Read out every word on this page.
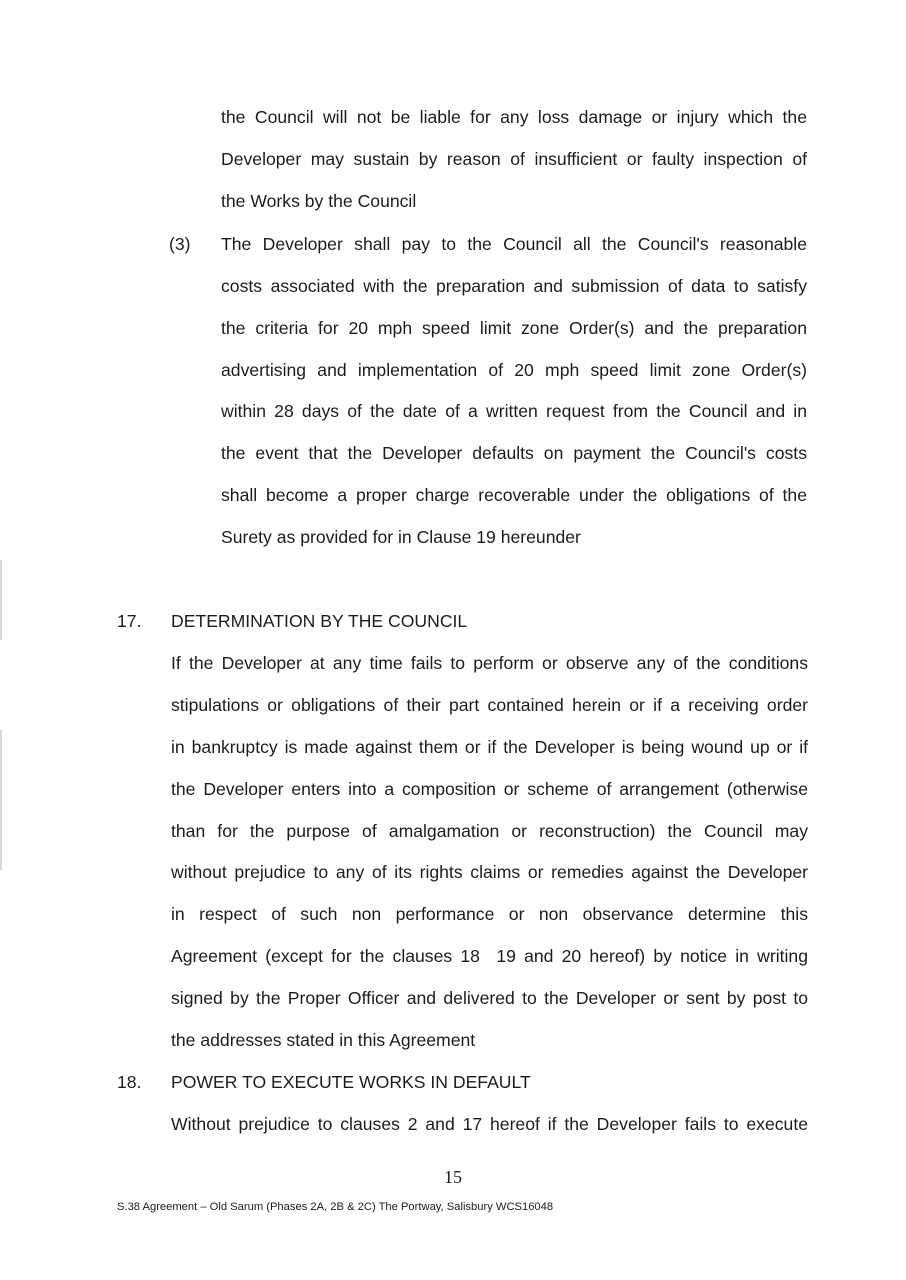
the Council will not be liable for any loss damage or injury which the
Developer may sustain by reason of insufficient or faulty inspection of
the Works by the Council
(3) The Developer shall pay to the Council all the Council's reasonable
costs associated with the preparation and submission of data to satisfy
the criteria for 20 mph speed limit zone Order(s) and the preparation
advertising and implementation of 20 mph speed limit zone Order(s)
within 28 days of the date of a written request from the Council and in
the event that the Developer defaults on payment the Council's costs
shall become a proper charge recoverable under the obligations of the
Surety as provided for in Clause 19 hereunder
17. DETERMINATION BY THE COUNCIL
If the Developer at any time fails to perform or observe any of the conditions
stipulations or obligations of their part contained herein or if a receiving order
in bankruptcy is made against them or if the Developer is being wound up or if
the Developer enters into a composition or scheme of arrangement (otherwise
than for the purpose of amalgamation or reconstruction) the Council may
without prejudice to any of its rights claims or remedies against the Developer
in respect of such non performance or non observance determine this
Agreement (except for the clauses 18  19 and 20 hereof) by notice in writing
signed by the Proper Officer and delivered to the Developer or sent by post to
the addresses stated in this Agreement
18. POWER TO EXECUTE WORKS IN DEFAULT
Without prejudice to clauses 2 and 17 hereof if the Developer fails to execute
15
S.38 Agreement – Old Sarum (Phases 2A, 2B & 2C) The Portway, Salisbury WCS16048
